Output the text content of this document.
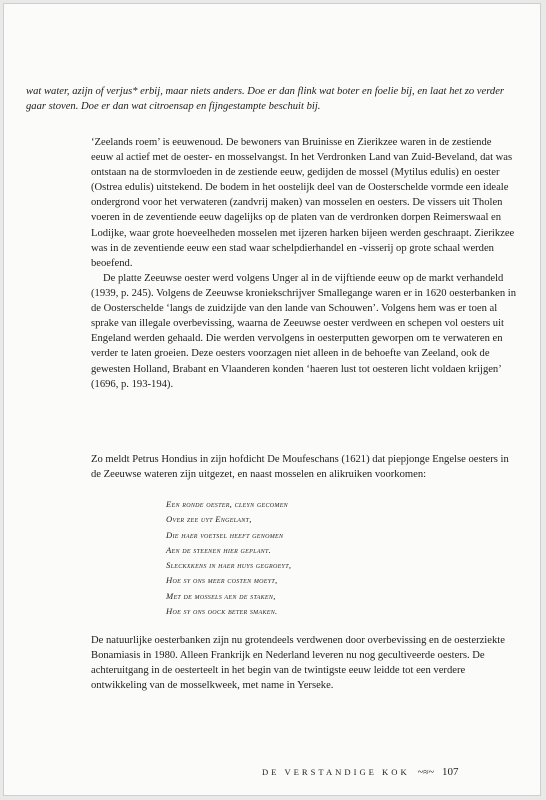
wat water, azijn of verjus* erbij, maar niets anders. Doe er dan flink wat boter en foelie bij, en laat het zo verder gaar stoven. Doe er dan wat citroensap en fijngestampte beschuit bij.

‘Zeelands roem’ is eeuwenoud. De bewoners van Bruinisse en Zierikzee waren in de zestiende eeuw al actief met de oester- en mosselvangst. In het Verdronken Land van Zuid-Beveland, dat was ontstaan na de stormvloeden in de zestiende eeuw, gedijden de mossel (Mytilus edulis) en oester (Ostrea edulis) uitstekend. De bodem in het oostelijk deel van de Oosterschelde vormde een ideale ondergrond voor het verwateren (zandvrij maken) van mosselen en oesters. De vissers uit Tholen voeren in de zeventiende eeuw dagelijks op de platen van de verdronken dorpen Reimerswaal en Lodijke, waar grote hoeveelheden mosselen met ijzeren harken bijeen werden geschraapt. Zierikzee was in de zeventiende eeuw een stad waar schelpdierhandel en -visserij op grote schaal werden beoefend.

De platte Zeeuwse oester werd volgens Unger al in de vijftiende eeuw op de markt verhandeld (1939, p. 245). Volgens de Zeeuwse kroniekschrijver Smallegange waren er in 1620 oesterbanken in de Oosterschelde ‘langs de zuidzijde van den lande van Schouwen’. Volgens hem was er toen al sprake van illegale overbevissing, waarna de Zeeuwse oester verdween en schepen vol oesters uit Engeland werden gehaald. Die werden vervolgens in oesterputten geworpen om te verwateren en verder te laten groeien. Deze oesters voorzagen niet alleen in de behoefte van Zeeland, ook de gewesten Holland, Brabant en Vlaanderen konden ‘haeren lust tot oesteren licht voldaen krijgen’ (1696, p. 193-194).

Zo meldt Petrus Hondius in zijn hofdicht De Moufeschans (1621) dat piepjonge Engelse oesters in de Zeeuwse wateren zijn uitgezet, en naast mosselen en alikruiken voorkomen:

Een ronde oester, cleyn gecomen
Over zee uyt Engelant,
Die haer voetsel heeft genomen
Aen de steenen hier geplant.
Sleckxkens in haer huys gegroeyt,
Hoe sy ons meer costen moeyt,
Met de mossels aen de staken,
Hoe sy ons oock beter smaken.

De natuurlijke oesterbanken zijn nu grotendeels verdwenen door overbevissing en de oesterziekte Bonamiasis in 1980. Alleen Frankrijk en Nederland leveren nu nog gecultiveerde oesters. De achteruitgang in de oesterteelt in het begin van de twintigste eeuw leidde tot een verdere ontwikkeling van de mosselkweek, met name in Yerseke.

DE VERSTANDIGE KOK ~≈~ 107
